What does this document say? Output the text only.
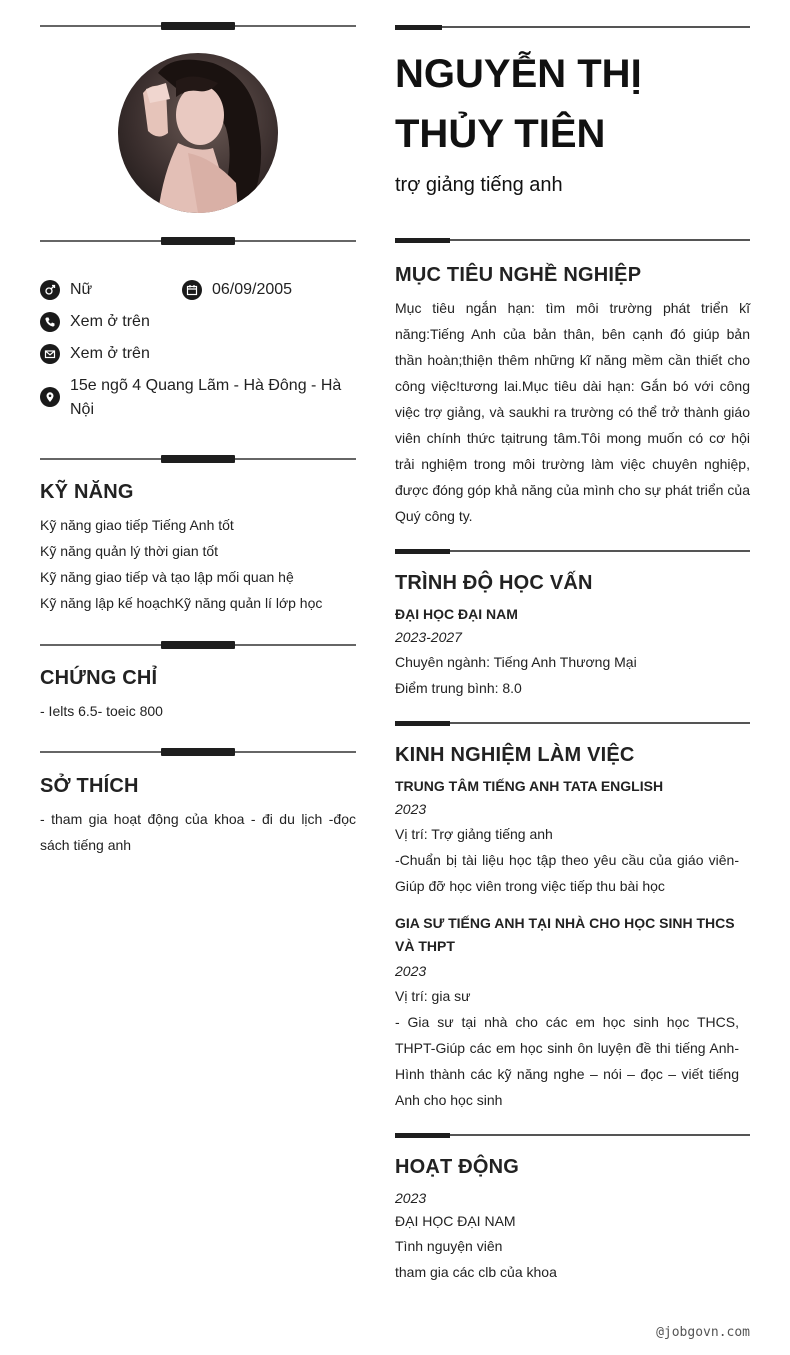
Nữ	06/09/2005
Xem ở trên
Xem ở trên
15e ngõ 4 Quang Lãm - Hà Đông - Hà Nội
KỸ NĂNG
Kỹ năng giao tiếp Tiếng Anh tốt
Kỹ năng quản lý thời gian tốt
Kỹ năng giao tiếp và tạo lập mối quan hệ
Kỹ năng lập kế hoạchKỹ năng quản lí lớp học
CHỨNG CHỈ
- Ielts 6.5- toeic 800
SỞ THÍCH
- tham gia hoạt động của khoa - đi du lịch -đọc sách tiếng anh
NGUYỄN THỊ THỦY TIÊN
trợ giảng tiếng anh
MỤC TIÊU NGHỀ NGHIỆP
Mục tiêu ngắn hạn: tìm môi trường phát triển kĩ năng:Tiếng Anh của bản thân, bên cạnh đó giúp bản thần hoàn;thiện thêm những kĩ năng mềm cần thiết cho công việc!tương lai.Mục tiêu dài hạn: Gắn bó với công việc trợ giảng, và saukhi ra trường có thể trở thành giáo viên chính thức tạitrung tâm.Tôi mong muốn có cơ hội trải nghiệm trong môi trường làm việc chuyên nghiệp, được đóng góp khả năng của mình cho sự phát triển của Quý công ty.
TRÌNH ĐỘ HỌC VẤN
ĐẠI HỌC ĐẠI NAM
2023-2027
Chuyên ngành: Tiếng Anh Thương Mại
Điểm trung bình: 8.0
KINH NGHIỆM LÀM VIỆC
TRUNG TÂM TIẾNG ANH TATA ENGLISH
2023
Vị trí: Trợ giảng tiếng anh
-Chuẩn bị tài liệu học tập theo yêu cầu của giáo viên-Giúp đỡ học viên trong việc tiếp thu bài học
GIA SƯ TIẾNG ANH TẠI NHÀ CHO HỌC SINH THCS VÀ THPT
2023
Vị trí: gia sư
- Gia sư tại nhà cho các em học sinh học THCS, THPT-Giúp các em học sinh ôn luyện đề thi tiếng Anh- Hình thành các kỹ năng nghe – nói – đọc – viết tiếng Anh cho học sinh
HOẠT ĐỘNG
2023
ĐẠI HỌC ĐẠI NAM
Tình nguyện viên
tham gia các clb của khoa
@jobgovn.com
